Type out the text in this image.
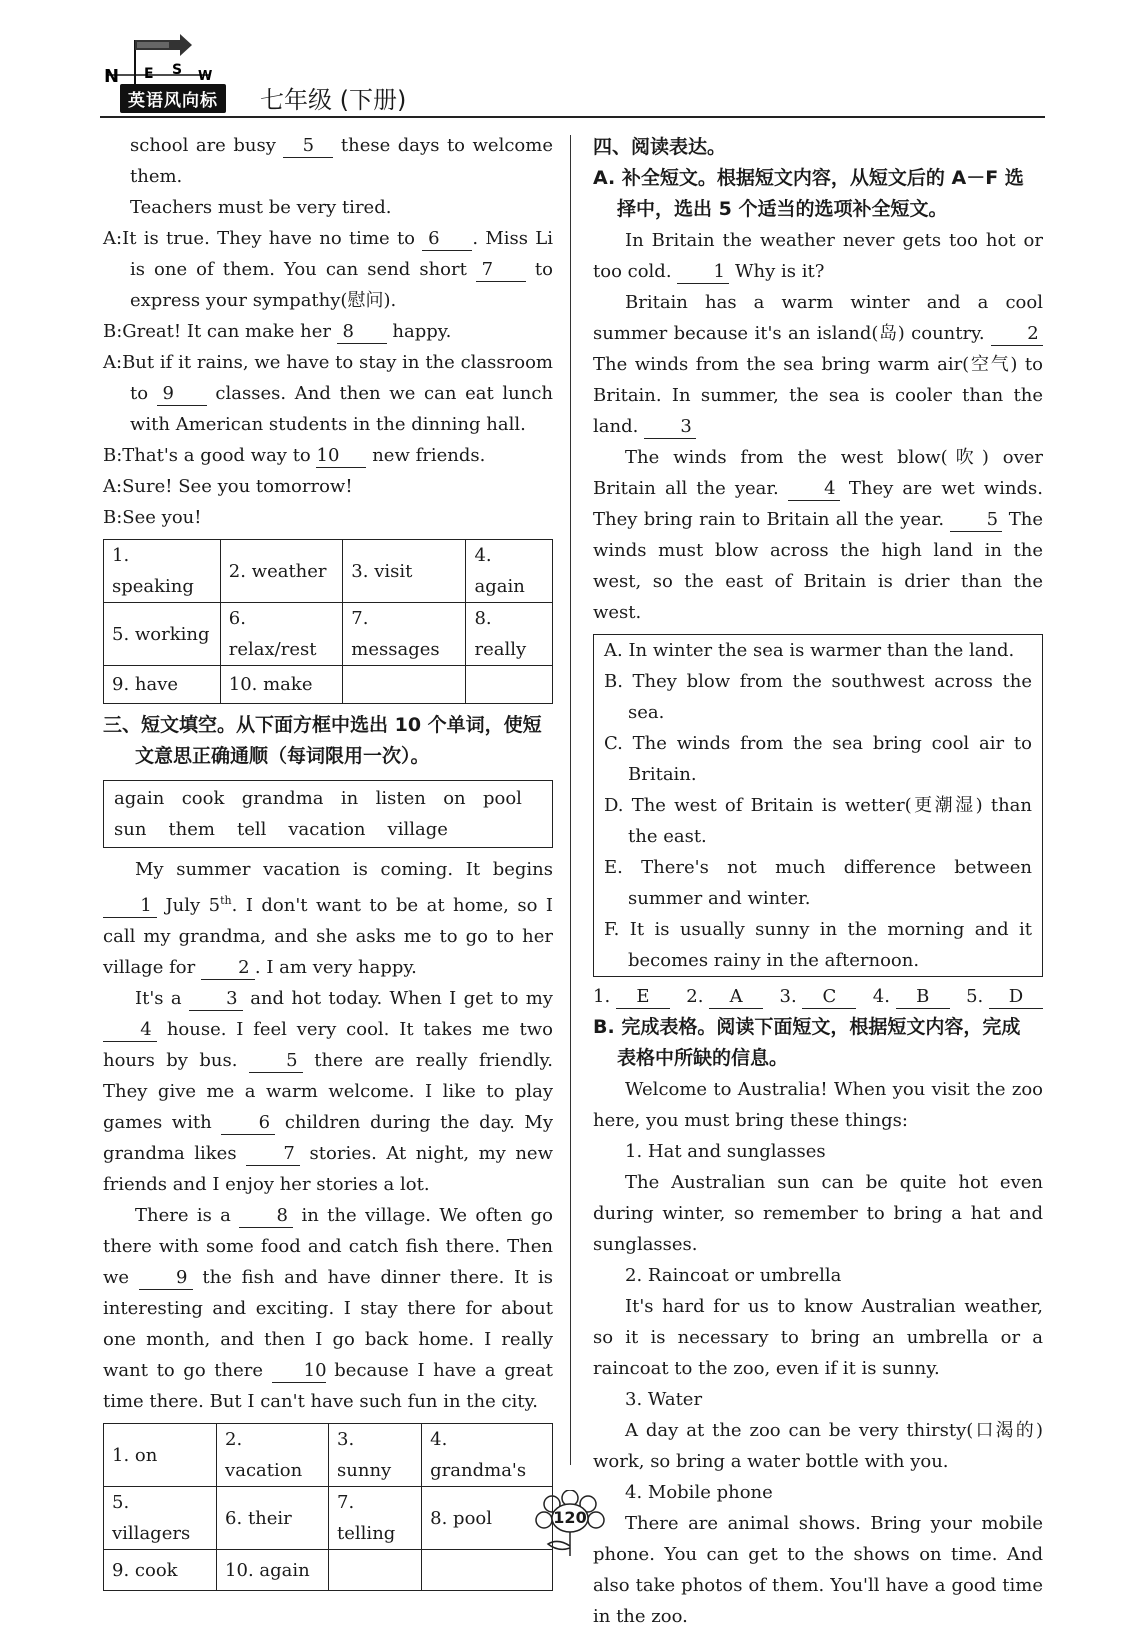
N E S W
英语风向标	七年级 (下册)

school are busy 5 these days to welcome them.

Teachers must be very tired.

A:It is true. They have no time to 6 . Miss Li is one of them. You can send short 7 to express your sympathy(慰问).

B:Great! It can make her 8 happy.

A:But if it rains, we have to stay in the classroom to 9 classes. And then we can eat lunch with American students in the dinning hall.

B:That's a good way to 10 new friends.

A:Sure! See you tomorrow!

B:See you!

1. speaking	2. weather	3. visit	4. again
5. working	6. relax/rest	7. messages	8. really
9. have	10. make		
三、短文填空。从下面方框中选出 10 个单词，使短
文意思正确通顺（每词限用一次）。
again cook grandma in listen on pool
sun them tell vacation village

My summer vacation is coming. It begins 1 July 5th. I don't want to be at home, so I call my grandma, and she asks me to go to her village for 2 . I am very happy.

It's a 3 and hot today. When I get to my 4 house. I feel very cool. It takes me two hours by bus. 5 there are really friendly. They give me a warm welcome. I like to play games with 6 children during the day. My grandma likes 7 stories. At night, my new friends and I enjoy her stories a lot.

There is a 8 in the village. We often go there with some food and catch fish there. Then we 9 the fish and have dinner there. It is interesting and exciting. I stay there for about one month, and then I go back home. I really want to go there 10 because I have a great time there. But I can't have such fun in the city.

1. on	2. vacation	3. sunny	4. grandma's
5. villagers	6. their	7. telling	8. pool
9. cook	10. again		
四、阅读表达。
A. 补全短文。根据短文内容，从短文后的 A－F 选
择中，选出 5 个适当的选项补全短文。

In Britain the weather never gets too hot or too cold. 1 Why is it?

Britain has a warm winter and a cool summer because it's an island(岛) country. 2 The winds from the sea bring warm air(空气) to Britain. In summer, the sea is cooler than the land. 3

The winds from the west blow(吹) over Britain all the year. 4 They are wet winds. They bring rain to Britain all the year. 5 The winds must blow across the high land in the west, so the east of Britain is drier than the west.

A. In winter the sea is warmer than the land.

B. They blow from the southwest across the sea.

C. The winds from the sea bring cool air to Britain.

D. The west of Britain is wetter(更潮湿) than the east.

E. There's not much difference between summer and winter.

F. It is usually sunny in the morning and it becomes rainy in the afternoon.

1. E	2. A	3. C	4. B	5. D
B. 完成表格。阅读下面短文，根据短文内容，完成
表格中所缺的信息。

Welcome to Australia! When you visit the zoo here, you must bring these things:

1. Hat and sunglasses

The Australian sun can be quite hot even during winter, so remember to bring a hat and sunglasses.

2. Raincoat or umbrella

It's hard for us to know Australian weather, so it is necessary to bring an umbrella or a raincoat to the zoo, even if it is sunny.

3. Water

A day at the zoo can be very thirsty(口渴的) work, so bring a water bottle with you.

4. Mobile phone

There are animal shows. Bring your mobile phone. You can get to the shows on time. And also take photos of them. You'll have a good time in the zoo.

120
